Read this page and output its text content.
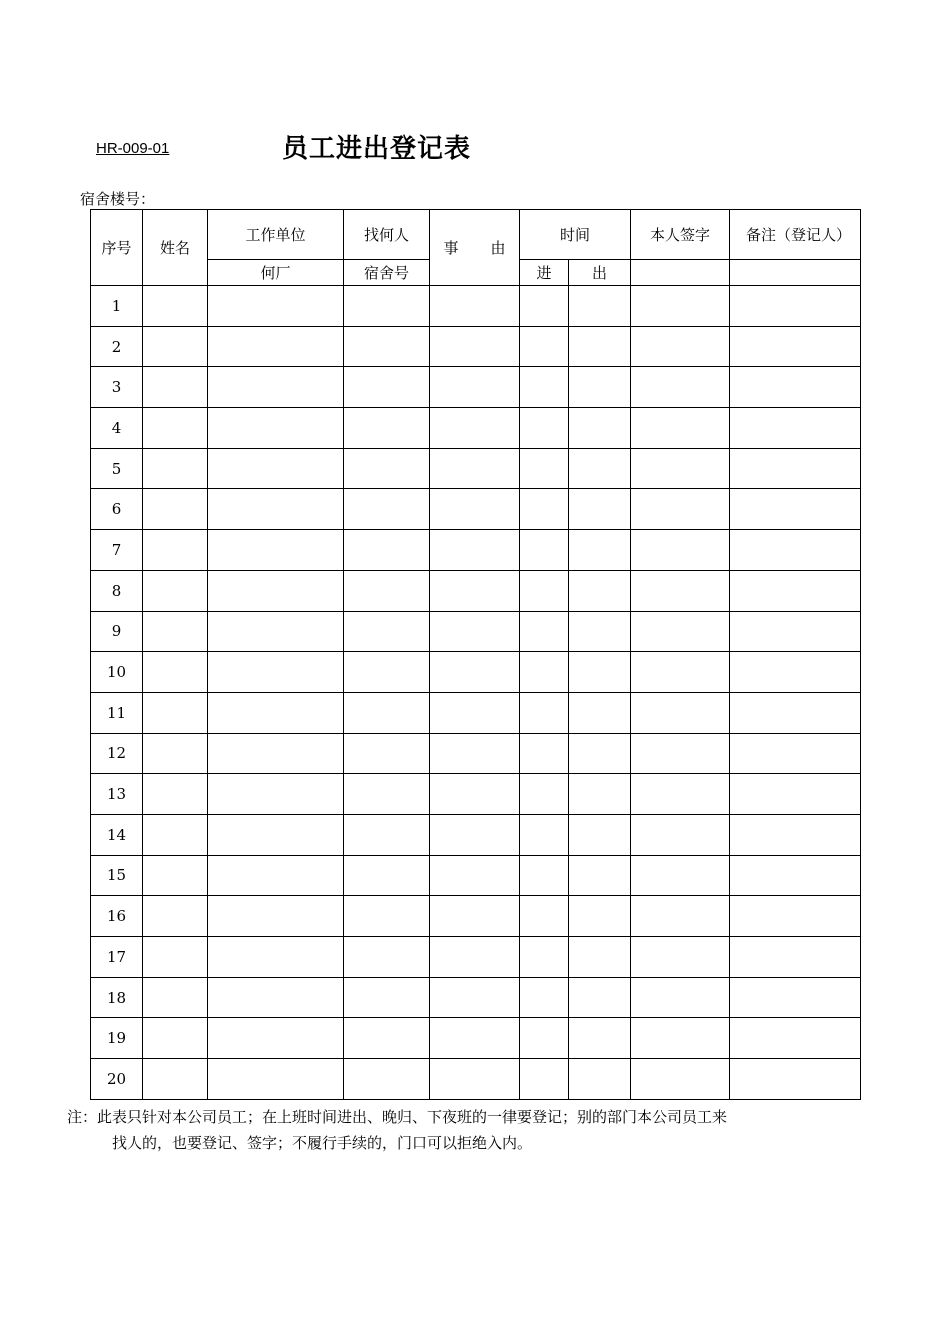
HR-009-01	员工进出登记表
宿舍楼号：
序号	姓名	工作单位	找何人	事 由	时间		本人签字	备注（登记人）
		何厂	宿舍号		进	出		
1								
2								
3								
4								
5								
6								
7								
8								
9								
10								
11								
12								
13								
14								
15								
16								
17								
18								
19								
20								
注：此表只针对本公司员工；在上班时间进出、晚归、下夜班的一律要登记；别的部门本公司员工来
找人的，也要登记、签字；不履行手续的，门口可以拒绝入内。
